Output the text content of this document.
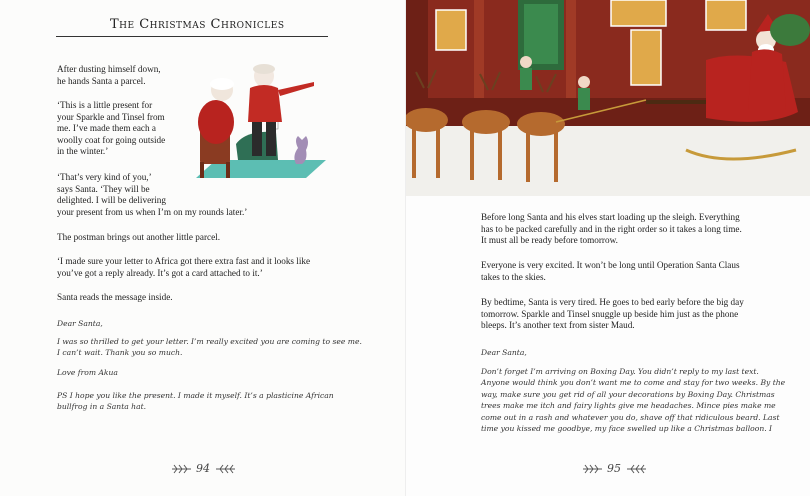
The Christmas Chronicles

After dusting himself down,
he hands Santa a parcel.

‘This is a little present for
your Sparkle and Tinsel from
me. I’ve made them each a
woolly coat for going outside
in the winter.’

‘That’s very kind of you,’
says Santa. ‘They will be
delighted. I will be delivering
your present from us when I’m on my rounds later.’

The postman brings out another little parcel.

‘I made sure your letter to Africa got there extra fast and it looks like
you’ve got a reply already. It’s got a card attached to it.’

Santa reads the message inside.

Dear Santa,

I was so thrilled to get your letter. I’m really excited you are coming to see me.
I can’t wait. Thank you so much.

Love from Akua

PS I hope you like the present. I made it myself. It’s a plasticine African
bullfrog in a Santa hat.

94

Before long Santa and his elves start loading up the sleigh. Everything
has to be packed carefully and in the right order so it takes a long time.
It must all be ready before tomorrow.

Everyone is very excited. It won’t be long until Operation Santa Claus
takes to the skies.

By bedtime, Santa is very tired. He goes to bed early before the big day
tomorrow. Sparkle and Tinsel snuggle up beside him just as the phone
bleeps. It’s another text from sister Maud.

Dear Santa,

Don’t forget I’m arriving on Boxing Day. You didn’t reply to my last text.
Anyone would think you don’t want me to come and stay for two weeks. By the
way, make sure you get rid of all your decorations by Boxing Day. Christmas
trees make me itch and fairy lights give me headaches. Mince pies make me
come out in a rash and whatever you do, shave off that ridiculous beard. Last
time you kissed me goodbye, my face swelled up like a Christmas balloon. I

95
